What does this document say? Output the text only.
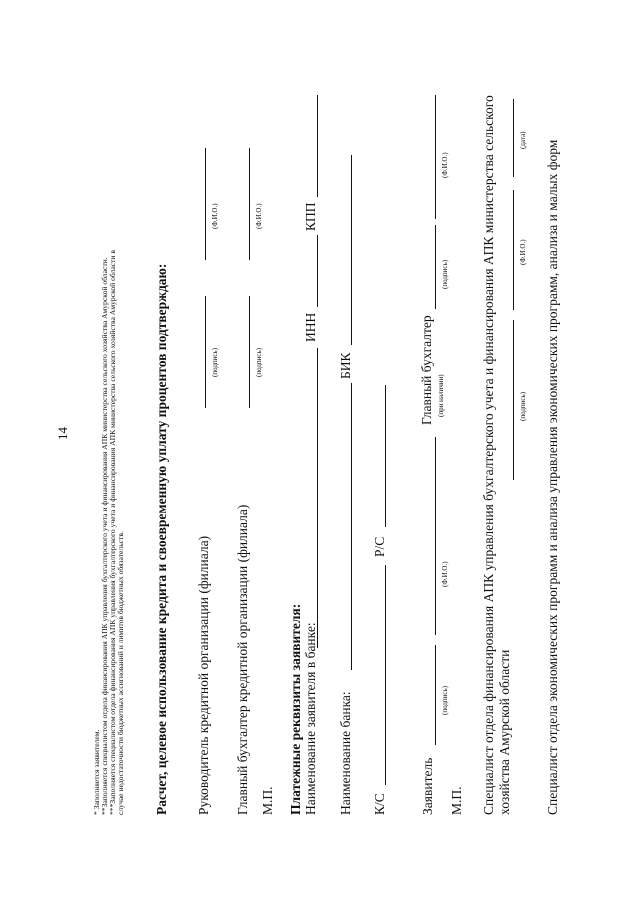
14
* Заполняется заявителем. **Заполняется специалистом отдела финансирования АПК управления бухгалтерского учета и финансирования АПК министерства сельского хозяйства Амурской области. ***Заполняется специалистом отдела финансирования АПК управления бухгалтерского учета и финансирования АПК министерства сельского хозяйства Амурской области в случае недостаточности бюджетных ассигнований и лимитов бюджетных обязательств. Расчет, целевое использование кредита и своевременную уплату процентов подтверждаю: Руководитель кредитной организации (филиала)
(подпись)
(Ф.И.О.)
Главный бухгалтер кредитной организации (филиала)
(подпись)
(Ф.И.О.)
М.П. Платежные реквизиты заявителя: Наименование заявителя в банке:
ИНН
КПП
Наименование банка:
БИК
К/С
Р/С
Заявитель
(подпись)
(Ф.И.О.)
Главный бухгалтер (при наличии)
(подпись)
(Ф.И.О.)
М.П. Специалист отдела финансирования АПК управления бухгалтерского учета и финансирования АПК министерства сельского хозяйства Амурской области
(подпись)
(Ф.И.О.)
(дата) Специалист отдела экономических программ и анализа управления экономических программ, анализа и малых форм
